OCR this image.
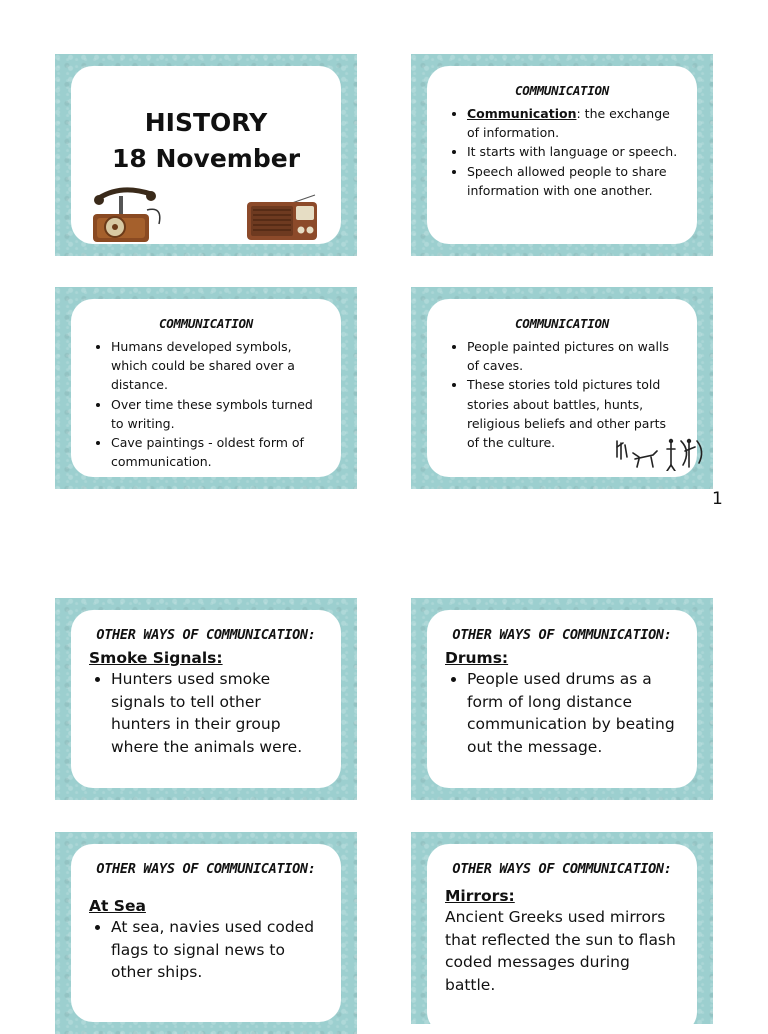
HISTORY
18 November
COMMUNICATION
• Communication: the exchange of information.
• It starts with language or speech.
• Speech allowed people to share information with one another.
COMMUNICATION
• Humans developed symbols, which could be shared over a distance.
• Over time these symbols turned to writing.
• Cave paintings - oldest form of communication.
COMMUNICATION
• People painted pictures on walls of caves.
• These stories told pictures told stories about battles, hunts, religious beliefs and other parts of the culture.
1
OTHER WAYS OF COMMUNICATION:
Smoke Signals:
• Hunters used smoke signals to tell other hunters in their group where the animals were.
OTHER WAYS OF COMMUNICATION:
Drums:
• People used drums as a form of long distance communication by beating out the message.
OTHER WAYS OF COMMUNICATION:
At Sea
• At sea, navies used coded flags to signal news to other ships.
OTHER WAYS OF COMMUNICATION:
Mirrors:

Ancient Greeks used mirrors that reflected the sun to flash coded messages during battle.
